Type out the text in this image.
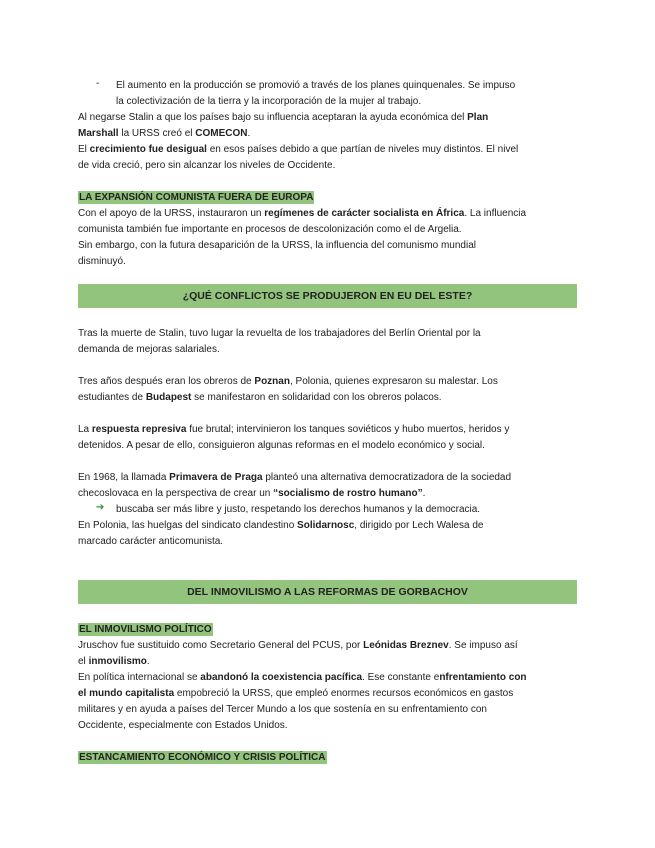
- El aumento en la producción se promovió a través de los planes quinquenales. Se impuso
la colectivización de la tierra y la incorporación de la mujer al trabajo.
Al negarse Stalin a que los países bajo su influencia aceptaran la ayuda económica del Plan
Marshall la URSS creó el COMECON.
El crecimiento fue desigual en esos países debido a que partían de niveles muy distintos. El nivel
de vida creció, pero sin alcanzar los niveles de Occidente.
LA EXPANSIÓN COMUNISTA FUERA DE EUROPA
Con el apoyo de la URSS, instauraron un regímenes de carácter socialista en África. La influencia
comunista también fue importante en procesos de descolonización como el de Argelia.
Sin embargo, con la futura desaparición de la URSS, la influencia del comunismo mundial
disminuyó.
¿QUÉ CONFLICTOS SE PRODUJERON EN EU DEL ESTE?
Tras la muerte de Stalin, tuvo lugar la revuelta de los trabajadores del Berlín Oriental por la
demanda de mejoras salariales.
Tres años después eran los obreros de Poznan, Polonia, quienes expresaron su malestar. Los
estudiantes de Budapest se manifestaron en solidaridad con los obreros polacos.
La respuesta represiva fue brutal; intervinieron los tanques soviéticos y hubo muertos, heridos y
detenidos. A pesar de ello, consiguieron algunas reformas en el modelo económico y social.
En 1968, la llamada Primavera de Praga planteó una alternativa democratizadora de la sociedad
checoslovaca en la perspectiva de crear un “socialismo de rostro humano”.
➔ buscaba ser más libre y justo, respetando los derechos humanos y la democracia.
En Polonia, las huelgas del sindicato clandestino Solidarnosc, dirigido por Lech Walesa de
marcado carácter anticomunista.
DEL INMOVILISMO A LAS REFORMAS DE GORBACHOV
EL INMOVILISMO POLÍTICO
Jruschov fue sustituido como Secretario General del PCUS, por Leónidas Breznev. Se impuso así
el inmovilismo.
En política internacional se abandonó la coexistencia pacífica. Ese constante enfrentamiento con
el mundo capitalista empobreció la URSS, que empleó enormes recursos económicos en gastos
militares y en ayuda a países del Tercer Mundo a los que sostenía en su enfrentamiento con
Occidente, especialmente con Estados Unidos.
ESTANCAMIENTO ECONÓMICO Y CRISIS POLÍTICA
